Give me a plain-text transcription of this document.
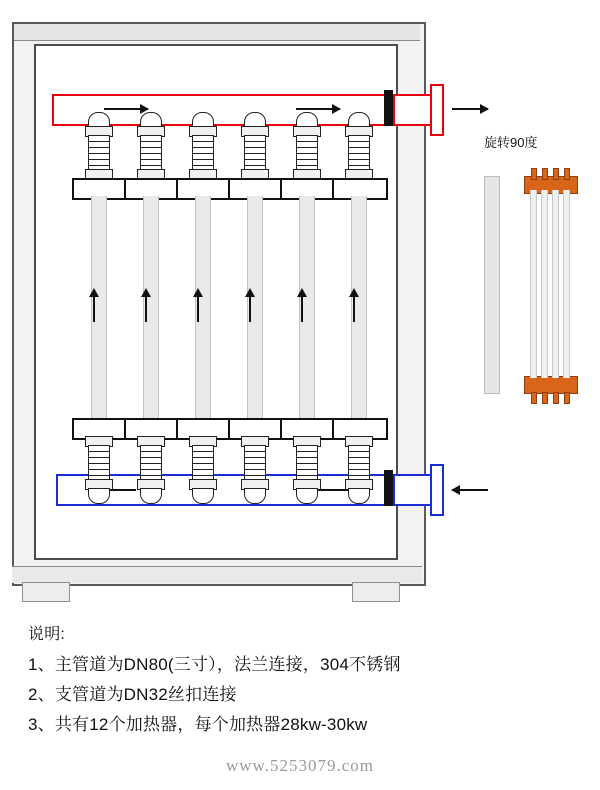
旋转90度
说明:
1、主管道为DN80(三寸），法兰连接，304不锈钢
2、支管道为DN32丝扣连接
3、共有12个加热器，每个加热器28kw-30kw
www.5253079.com
